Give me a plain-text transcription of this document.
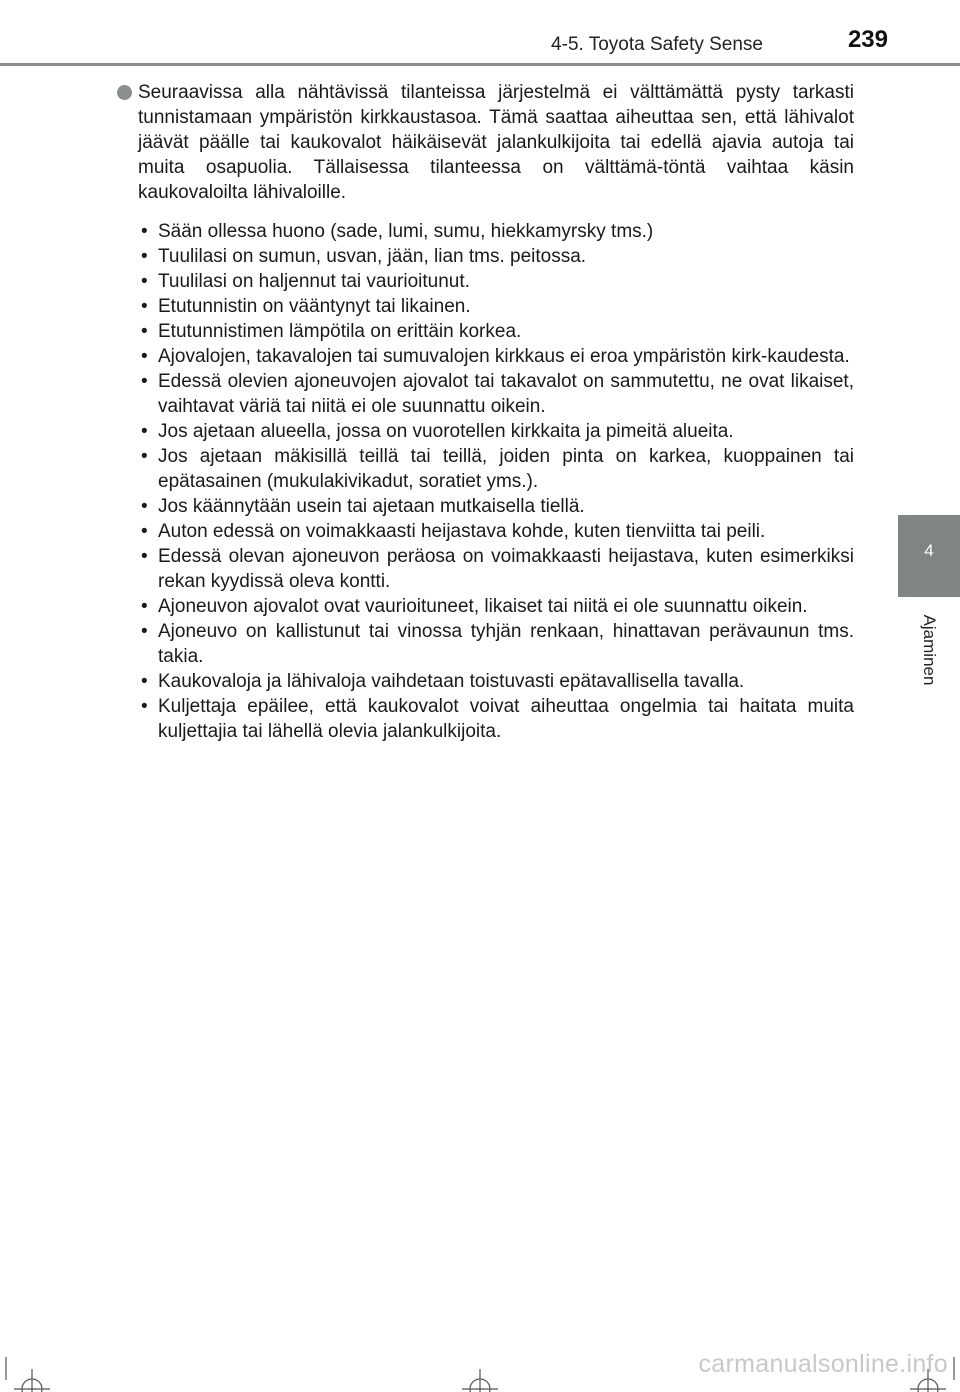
4-5. Toyota Safety Sense	239
4
Ajaminen
Seuraavissa alla nähtävissä tilanteissa järjestelmä ei välttämättä pysty tarkasti tunnistamaan ympäristön kirkkaustasoa. Tämä saattaa aiheuttaa sen, että lähivalot jäävät päälle tai kaukovalot häikäisevät jalankulkijoita tai edellä ajavia autoja tai muita osapuolia. Tällaisessa tilanteessa on välttämä-töntä vaihtaa käsin kaukovaloilta lähivaloille.
• Sään ollessa huono (sade, lumi, sumu, hiekkamyrsky tms.)
• Tuulilasi on sumun, usvan, jään, lian tms. peitossa.
• Tuulilasi on haljennut tai vaurioitunut.
• Etutunnistin on vääntynyt tai likainen.
• Etutunnistimen lämpötila on erittäin korkea.
• Ajovalojen, takavalojen tai sumuvalojen kirkkaus ei eroa ympäristön kirk-kaudesta.
• Edessä olevien ajoneuvojen ajovalot tai takavalot on sammutettu, ne ovat likaiset, vaihtavat väriä tai niitä ei ole suunnattu oikein.
• Jos ajetaan alueella, jossa on vuorotellen kirkkaita ja pimeitä alueita.
• Jos ajetaan mäkisillä teillä tai teillä, joiden pinta on karkea, kuoppainen tai epätasainen (mukulakivikadut, soratiet yms.).
• Jos käännytään usein tai ajetaan mutkaisella tiellä.
• Auton edessä on voimakkaasti heijastava kohde, kuten tienviitta tai peili.
• Edessä olevan ajoneuvon peräosa on voimakkaasti heijastava, kuten esimerkiksi rekan kyydissä oleva kontti.
• Ajoneuvon ajovalot ovat vaurioituneet, likaiset tai niitä ei ole suunnattu oikein.
• Ajoneuvo on kallistunut tai vinossa tyhjän renkaan, hinattavan perävaunun tms. takia.
• Kaukovaloja ja lähivaloja vaihdetaan toistuvasti epätavallisella tavalla.
• Kuljettaja epäilee, että kaukovalot voivat aiheuttaa ongelmia tai haitata muita kuljettajia tai lähellä olevia jalankulkijoita.
carmanualsonline.info
